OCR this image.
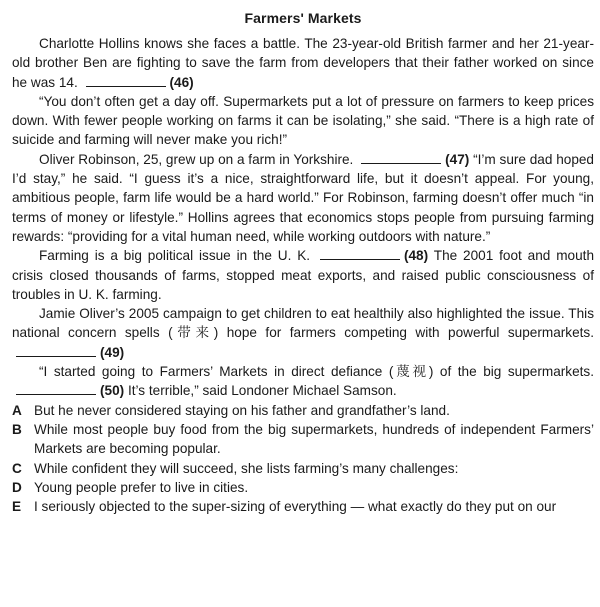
Farmers' Markets

Charlotte Hollins knows she faces a battle. The 23-year-old British farmer and her 21-year-old brother Ben are fighting to save the farm from developers that their father worked on since he was 14.	(46)

“You don’t often get a day off. Supermarkets put a lot of pressure on farmers to keep prices down. With fewer people working on farms it can be isolating,” she said. “There is a high rate of suicide and farming will never make you rich!”

Oliver Robinson, 25, grew up on a farm in Yorkshire.	(47) “I’m sure dad hoped I’d stay,” he said. “I guess it’s a nice, straightforward life, but it doesn’t appeal. For young, ambitious people, farm life would be a hard world.” For Robinson, farming doesn’t offer much “in terms of money or lifestyle.” Hollins agrees that economics stops people from pursuing farming rewards: “providing for a vital human need, while working outdoors with nature.”

Farming is a big political issue in the U. K.	(48) The 2001 foot and mouth crisis closed thousands of farms, stopped meat exports, and raised public consciousness of troubles in U. K. farming.

Jamie Oliver’s 2005 campaign to get children to eat healthily also highlighted the issue. This national concern spells (带来) hope for farmers competing with powerful supermarkets. (49)

“I started going to Farmers’ Markets in direct defiance (蔑视) of the big supermarkets. (50) It’s terrible,” said Londoner Michael Samson.

A But he never considered staying on his father and grandfather’s land.
B While most people buy food from the big supermarkets, hundreds of independent Farmers’ Markets are becoming popular.
C While confident they will succeed, she lists farming’s many challenges:
D Young people prefer to live in cities.
E I seriously objected to the super-sizing of everything — what exactly do they put on our
